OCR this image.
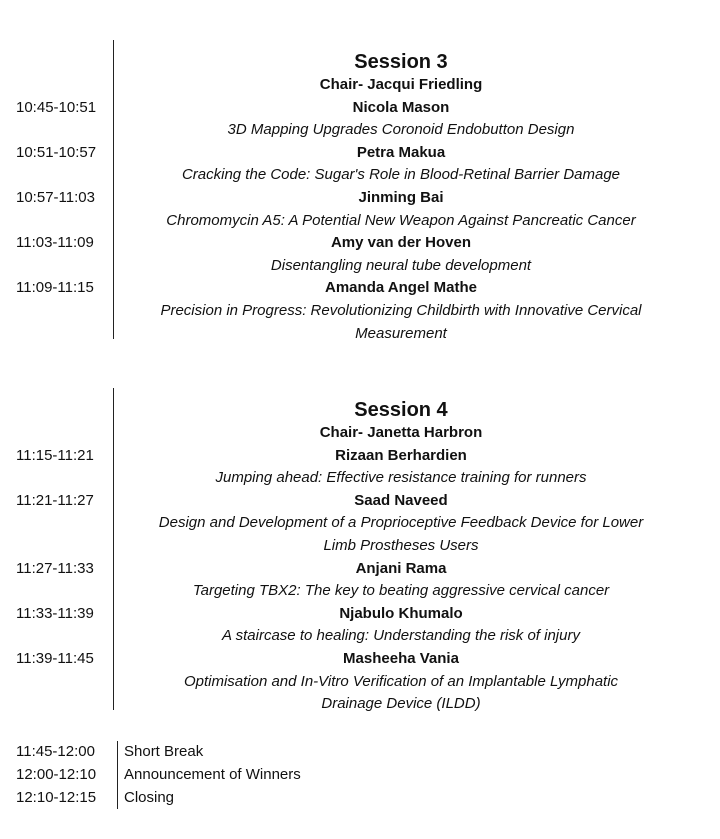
Session 3
Chair- Jacqui Friedling
10:45-10:51	Nicola Mason
3D Mapping Upgrades Coronoid Endobutton Design
10:51-10:57	Petra Makua
Cracking the Code: Sugar's Role in Blood-Retinal Barrier Damage
10:57-11:03	Jinming Bai
Chromomycin A5: A Potential New Weapon Against Pancreatic Cancer
11:03-11:09	Amy van der Hoven
Disentangling neural tube development
11:09-11:15	Amanda Angel Mathe
Precision in Progress: Revolutionizing Childbirth with Innovative Cervical
Measurement
Session 4
Chair- Janetta Harbron
11:15-11:21	Rizaan Berhardien
Jumping ahead: Effective resistance training for runners
11:21-11:27	Saad Naveed
Design and Development of a Proprioceptive Feedback Device for Lower
Limb Prostheses Users
11:27-11:33	Anjani Rama
Targeting TBX2: The key to beating aggressive cervical cancer
11:33-11:39	Njabulo Khumalo
A staircase to healing: Understanding the risk of injury
11:39-11:45	Masheeha Vania
Optimisation and In-Vitro Verification of an Implantable Lymphatic
Drainage Device (ILDD)
11:45-12:00	Short Break
12:00-12:10	Announcement of Winners
12:10-12:15	Closing
